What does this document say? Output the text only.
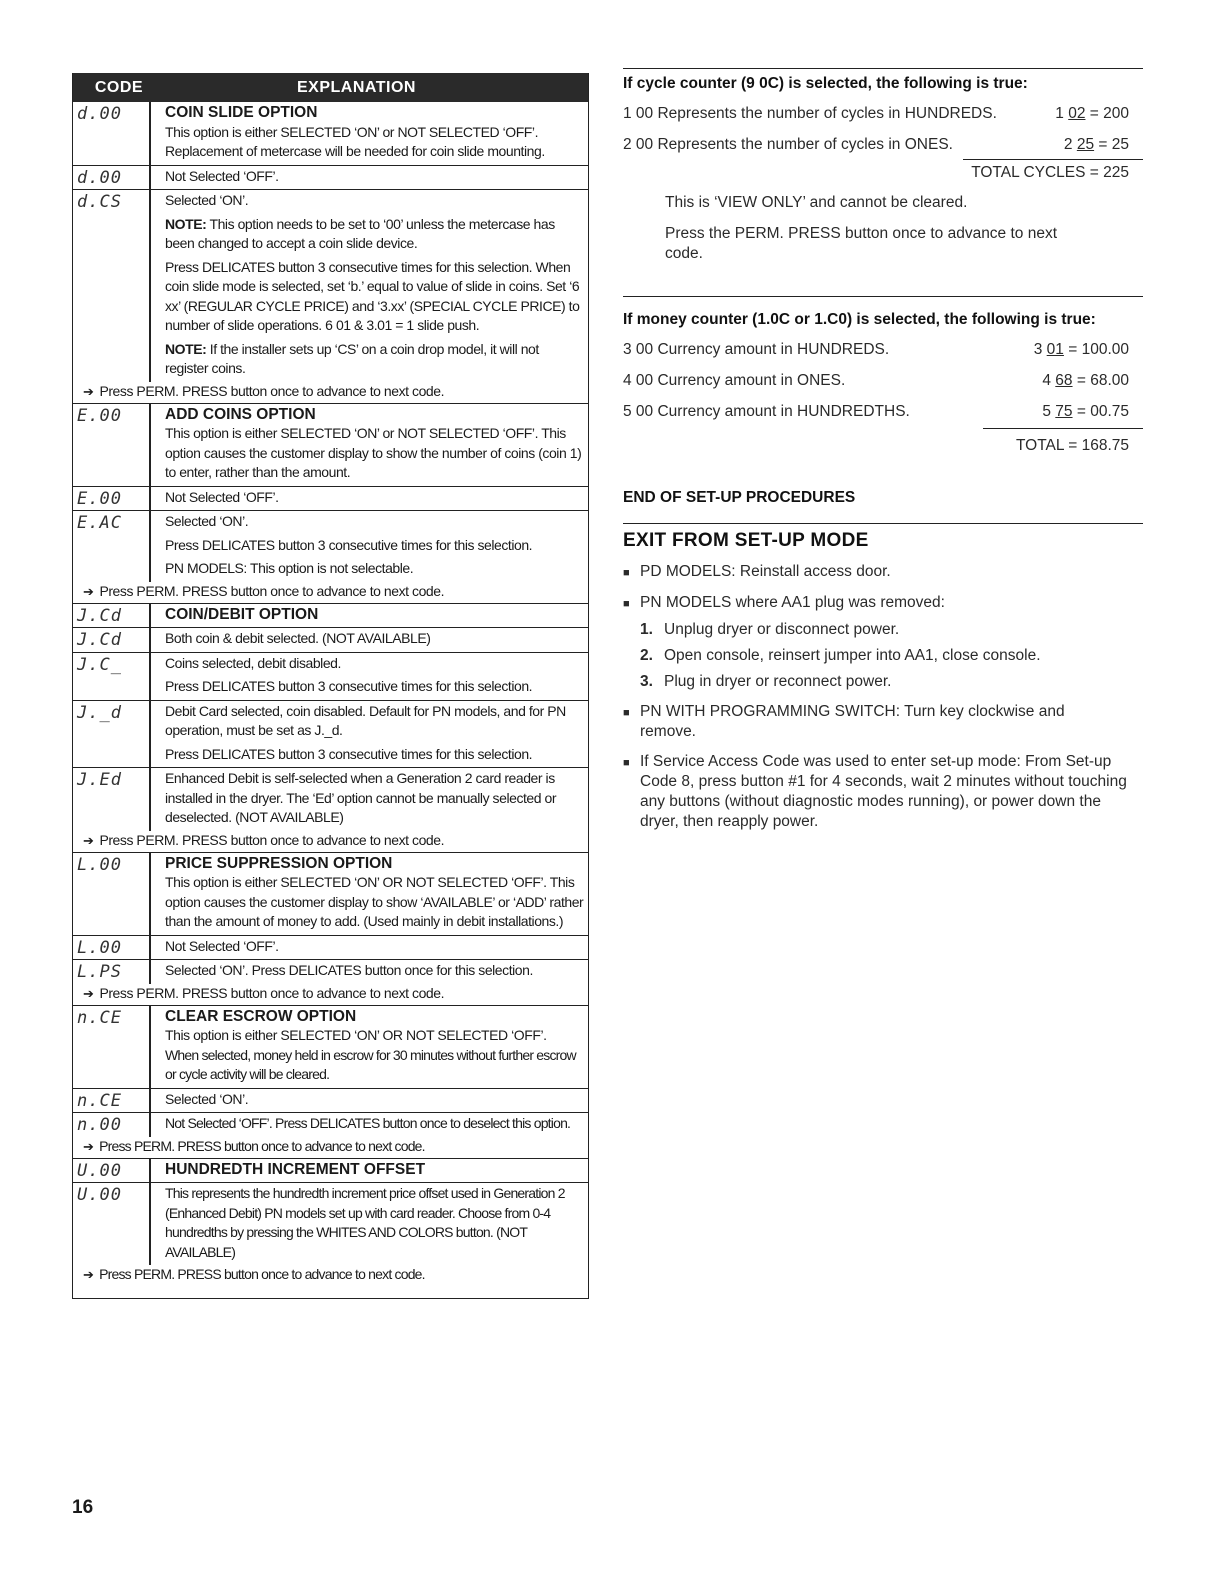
CODE	EXPLANATION
d.00	COIN SLIDE OPTION

This option is either SELECTED ‘ON’ or NOT SELECTED ‘OFF’.

Replacement of metercase will be needed for coin slide mounting.

d.00	Not Selected ‘OFF’.
d.CS	Selected ‘ON’.

NOTE: This option needs to be set to ‘00’ unless the metercase has been changed to accept a coin slide device.

Press DELICATES button 3 consecutive times for this selection. When coin slide mode is selected, set ‘b.’ equal to value of slide in coins. Set ‘6 xx’ (REGULAR CYCLE PRICE) and ‘3.xx’ (SPECIAL CYCLE PRICE) to number of slide operations. 6 01 & 3.01 = 1 slide push.

NOTE: If the installer sets up ‘CS’ on a coin drop model, it will not register coins.

➔ Press PERM. PRESS button once to advance to next code.
E.00	ADD COINS OPTION

This option is either SELECTED ‘ON’ or NOT SELECTED ‘OFF’. This option causes the customer display to show the number of coins (coin 1) to enter, rather than the amount.

E.00	Not Selected ‘OFF’.
E.AC	Selected ‘ON’.

Press DELICATES button 3 consecutive times for this selection.

PN MODELS: This option is not selectable.

➔ Press PERM. PRESS button once to advance to next code.
J.Cd	COIN/DEBIT OPTION
J.Cd	Both coin & debit selected. (NOT AVAILABLE)
J.C_	Coins selected, debit disabled.

Press DELICATES button 3 consecutive times for this selection.

J._d	Debit Card selected, coin disabled. Default for PN models, and for PN operation, must be set as J._d.

Press DELICATES button 3 consecutive times for this selection.

J.Ed	Enhanced Debit is self-selected when a Generation 2 card reader is installed in the dryer. The ‘Ed’ option cannot be manually selected or deselected. (NOT AVAILABLE)
➔ Press PERM. PRESS button once to advance to next code.
L.00	PRICE SUPPRESSION OPTION

This option is either SELECTED ‘ON’ OR NOT SELECTED ‘OFF’. This option causes the customer display to show ‘AVAILABLE’ or ‘ADD’ rather than the amount of money to add. (Used mainly in debit installations.)

L.00	Not Selected ‘OFF’.
L.PS	Selected ‘ON’. Press DELICATES button once for this selection.
➔ Press PERM. PRESS button once to advance to next code.
n.CE	CLEAR ESCROW OPTION

This option is either SELECTED ‘ON’ OR NOT SELECTED ‘OFF’.

When selected, money held in escrow for 30 minutes without further escrow or cycle activity will be cleared.

n.CE	Selected ‘ON’.
n.00	Not Selected ‘OFF’. Press DELICATES button once to deselect this option.
➔ Press PERM. PRESS button once to advance to next code.
U.00	HUNDREDTH INCREMENT OFFSET
U.00	This represents the hundredth increment price offset used in Generation 2 (Enhanced Debit) PN models set up with card reader. Choose from 0-4 hundredths by pressing the WHITES AND COLORS button. (NOT AVAILABLE)
➔ Press PERM. PRESS button once to advance to next code.
If cycle counter (9 0C) is selected, the following is true:
1 00 Represents the number of cycles in HUNDREDS.	1 02 = 200
2 00 Represents the number of cycles in ONES.	2 25 = 25
TOTAL CYCLES = 225
This is ‘VIEW ONLY’ and cannot be cleared.
Press the PERM. PRESS button once to advance to next code.
If money counter (1.0C or 1.C0) is selected, the following is true:
3 00 Currency amount in HUNDREDS.	3 01 = 100.00
4 00 Currency amount in ONES.	4 68 = 68.00
5 00 Currency amount in HUNDREDTHS.	5 75 = 00.75
TOTAL = 168.75
END OF SET-UP PROCEDURES
EXIT FROM SET-UP MODE
■ PD MODELS: Reinstall access door.
■ PN MODELS where AA1 plug was removed:
1. Unplug dryer or disconnect power.
2. Open console, reinsert jumper into AA1, close console.
3. Plug in dryer or reconnect power.
■ PN WITH PROGRAMMING SWITCH: Turn key clockwise and remove.
■ If Service Access Code was used to enter set-up mode: From Set-up Code 8, press button #1 for 4 seconds, wait 2 minutes without touching any buttons (without diagnostic modes running), or power down the dryer, then reapply power.
16
